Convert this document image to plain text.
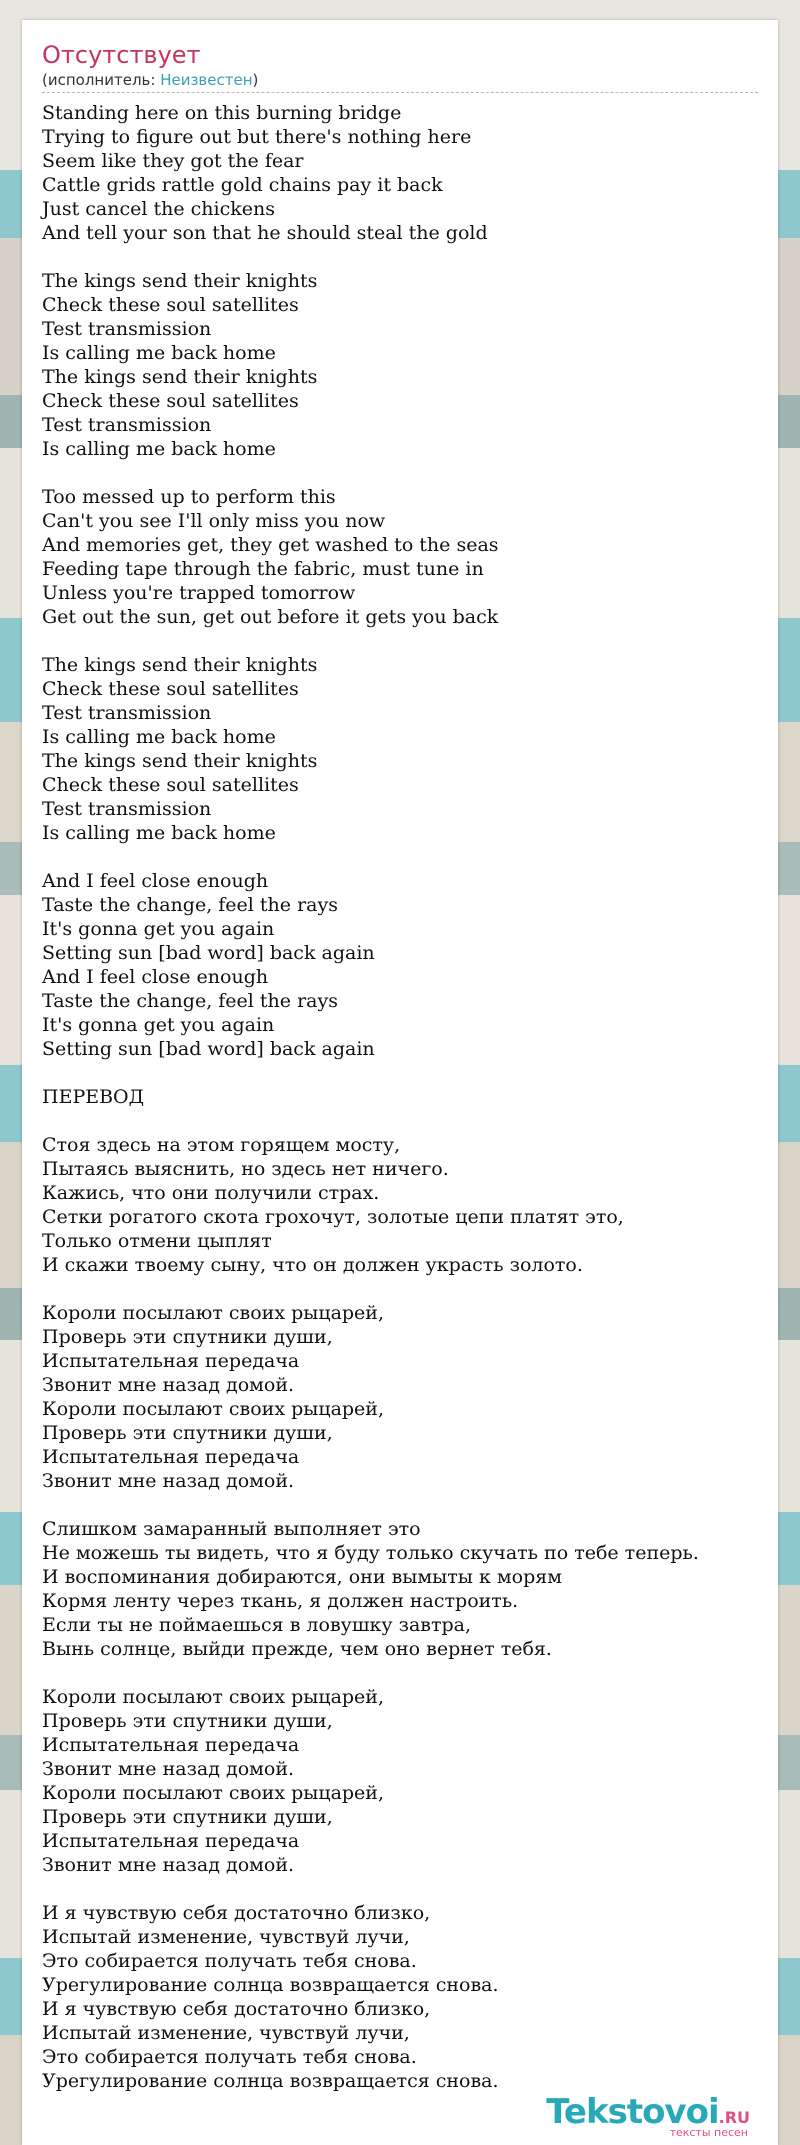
Отсутствует
(исполнитель: Неизвестен)
Standing here on this burning bridge
Trying to figure out but there's nothing here
Seem like they got the fear
Cattle grids rattle gold chains pay it back
Just cancel the chickens
And tell your son that he should steal the gold
The kings send their knights
Check these soul satellites
Test transmission
Is calling me back home
The kings send their knights
Check these soul satellites
Test transmission
Is calling me back home
Too messed up to perform this
Can't you see I'll only miss you now
And memories get, they get washed to the seas
Feeding tape through the fabric, must tune in
Unless you're trapped tomorrow
Get out the sun, get out before it gets you back
The kings send their knights
Check these soul satellites
Test transmission
Is calling me back home
The kings send their knights
Check these soul satellites
Test transmission
Is calling me back home
And I feel close enough
Taste the change, feel the rays
It's gonna get you again
Setting sun [bad word] back again
And I feel close enough
Taste the change, feel the rays
It's gonna get you again
Setting sun [bad word] back again
ПЕРЕВОД
Стоя здесь на этом горящем мосту,
Пытаясь выяснить, но здесь нет ничего.
Кажись, что они получили страх.
Сетки рогатого скота грохочут, золотые цепи платят это,
Только отмени цыплят
И скажи твоему сыну, что он должен украсть золото.
Короли посылают своих рыцарей,
Проверь эти спутники души,
Испытательная передача
Звонит мне назад домой.
Короли посылают своих рыцарей,
Проверь эти спутники души,
Испытательная передача
Звонит мне назад домой.
Слишком замаранный выполняет это
Не можешь ты видеть, что я буду только скучать по тебе теперь.
И воспоминания добираются, они вымыты к морям
Кормя ленту через ткань, я должен настроить.
Если ты не поймаешься в ловушку завтра,
Вынь солнце, выйди прежде, чем оно вернет тебя.
Короли посылают своих рыцарей,
Проверь эти спутники души,
Испытательная передача
Звонит мне назад домой.
Короли посылают своих рыцарей,
Проверь эти спутники души,
Испытательная передача
Звонит мне назад домой.
И я чувствую себя достаточно близко,
Испытай изменение, чувствуй лучи,
Это собирается получать тебя снова.
Урегулирование солнца возвращается снова.
И я чувствую себя достаточно близко,
Испытай изменение, чувствуй лучи,
Это собирается получать тебя снова.
Урегулирование солнца возвращается снова.
Tekstovoi.RU
тексты песен
